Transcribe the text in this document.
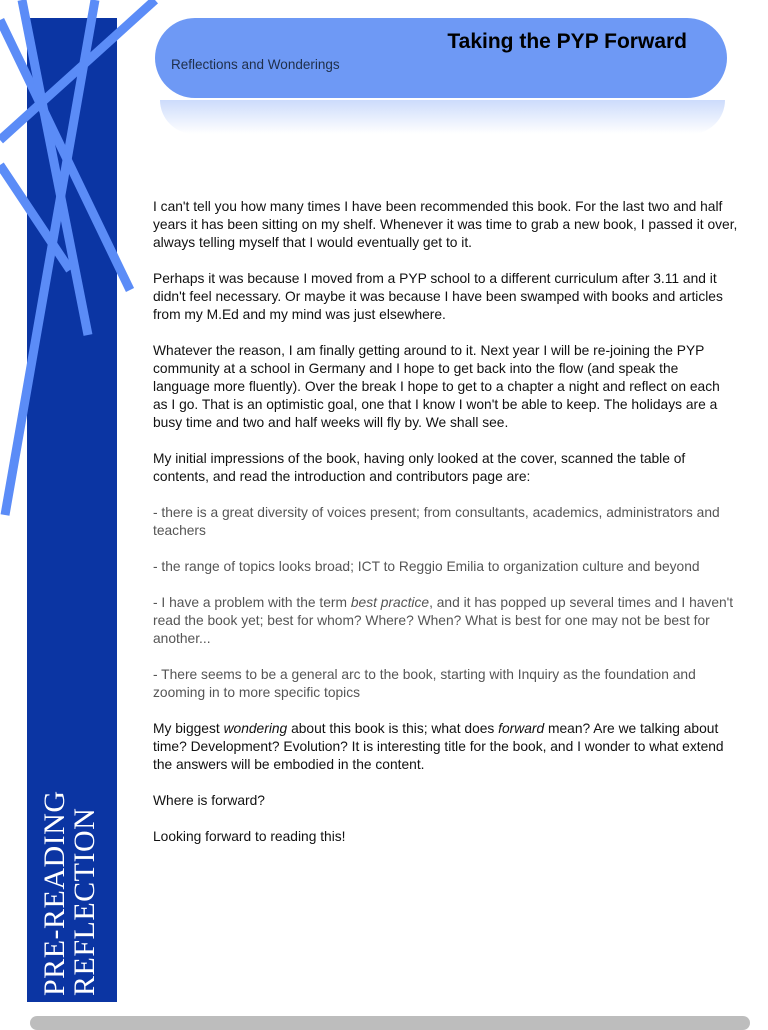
PRE-READING
REFLECTION
Taking the PYP Forward
Reflections and Wonderings

I can't tell you how many times I have been recommended this book. For the last two and half years it has been sitting on my shelf. Whenever it was time to grab a new book, I passed it over, always telling myself that I would eventually get to it.

Perhaps it was because I moved from a PYP school to a different curriculum after 3.11 and it didn't feel necessary. Or maybe it was because I have been swamped with books and articles from my M.Ed and my mind was just elsewhere.

Whatever the reason, I am finally getting around to it. Next year I will be re-joining the PYP community at a school in Germany and I hope to get back into the flow (and speak the language more fluently). Over the break I hope to get to a chapter a night and reflect on each as I go. That is an optimistic goal, one that I know I won't be able to keep. The holidays are a busy time and two and half weeks will fly by. We shall see.

My initial impressions of the book, having only looked at the cover, scanned the table of contents, and read the introduction and contributors page are:

- there is a great diversity of voices present; from consultants, academics, administrators and teachers

- the range of topics looks broad; ICT to Reggio Emilia to organization culture and beyond

- I have a problem with the term best practice, and it has popped up several times and I haven't read the book yet; best for whom? Where? When? What is best for one may not be best for another...

- There seems to be a general arc to the book, starting with Inquiry as the foundation and zooming in to more specific topics

My biggest wondering about this book is this; what does forward mean? Are we talking about time? Development? Evolution? It is interesting title for the book, and I wonder to what extend the answers will be embodied in the content.

Where is forward?

Looking forward to reading this!
